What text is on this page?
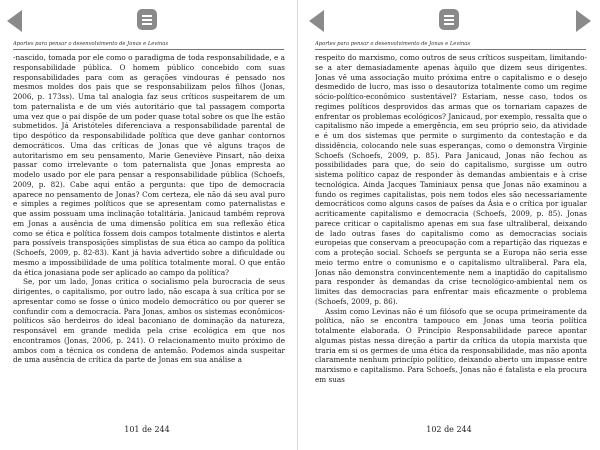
Aportes para pensar o desenvolvimento de Jonas e Levinas

-nascido, tomada por ele como o paradigma de toda responsabilidade, e a responsabilidade pública. O homem público concebido com suas responsabilidades para com as gerações vindouras é pensado nos mesmos moldes dos pais que se responsabilizam pelos filhos (Jonas, 2006, p. 173ss). Uma tal analogia faz seus críticos suspeitarem de um tom paternalista e de um viés autoritário que tal passagem comporta uma vez que o pai dispõe de um poder quase total sobre os que lhe estão submetidos. Já Aristóteles diferenciava a responsabilidade parental de tipo despótico da responsabilidade política que deve ganhar contornos democráticos. Uma das críticas de Jonas que vê alguns traços de autoritarismo em seu pensamento, Marie Geneviève Pinsart, não deixa passar como irrelevante o tom paternalista que Jonas empresta ao modelo usado por ele para pensar a responsabilidade pública (Schoefs, 2009, p. 82). Cabe aqui então a pergunta: que tipo de democracia aparece no pensamento de Jonas? Com certeza, ele não dá seu aval puro e simples a regimes políticos que se apresentam como paternalistas e que assim possuam uma inclinação totalitária. Janicaud também reprova em Jonas a ausência de uma dimensão política em sua reflexão ética como se ética e política fossem dois campos totalmente distintos e alerta para possíveis transposições simplistas de sua ética ao campo da política (Schoefs, 2009, p. 82-83). Kant já havia advertido sobre a dificuldade ou mesmo a impossibilidade de uma política totalmente moral. O que então da ética jonasiana pode ser aplicado ao campo da política?

Se, por um lado, Jonas critica o socialismo pela burocracia de seus dirigentes, o capitalismo, por outro lado, não escapa à sua crítica por se apresentar como se fosse o único modelo democrático ou por querer se confundir com a democracia. Para Jonas, ambos os sistemas econômicos-políticos são herdeiros do ideal baconiano de dominação da natureza, responsável em grande medida pela crise ecológica em que nos encontramos (Jonas, 2006, p. 241). O relacionamento muito próximo de ambos com a técnica os condena de antemão. Podemos ainda suspeitar de uma ausência de crítica da parte de Jonas em sua análise a

101 de 244
Aportes para pensar o desenvolvimento de Jonas e Levinas

respeito do marxismo, como outros de seus críticos suspeitam, limitando-se a ater demasiadamente apenas àquilo que dizem seus dirigentes. Jonas vê uma associação muito próxima entre o capitalismo e o desejo desmedido de lucro, mas isso o desautoriza totalmente como um regime sócio-político-econômico sustentável? Estariam, nesse caso, todos os regimes políticos desprovidos das armas que os tornariam capazes de enfrentar os problemas ecológicos? Janicaud, por exemplo, ressalta que o capitalismo não impede a emergência, em seu próprio seio, da atividade e é um dos sistemas que permite o surgimento da contestação e da dissidência, colocando nele suas esperanças, como o demonstra Virginie Schoefs (Schoefs, 2009, p. 85). Para Janicaud, Jonas não fechou as possibilidades para que, do seio do capitalismo, surgisse um outro sistema político capaz de responder às demandas ambientais e à crise tecnológica. Ainda Jacques Taminiaux pensa que Jonas não examinou a fundo os regimes capitalistas, pois nem todos eles são necessariamente democráticos como alguns casos de países da Ásia e o crítica por igualar acriticamente capitalismo e democracia (Schoefs, 2009, p. 85). Jonas parece criticar o capitalismo apenas em sua fase ultraliberal, deixando de lado outras fases do capitalismo como as democracias sociais europeias que conservam a preocupação com a repartição das riquezas e com a proteção social. Schoefs se pergunta se a Europa não seria esse meio termo entre o comunismo e o capitalismo ultraliberal. Para ela, Jonas não demonstra convincentemente nem a inaptidão do capitalismo para responder às demandas da crise tecnológico-ambiental nem os limites das democracias para enfrentar mais eficazmente o problema (Schoefs, 2009, p. 86).

Assim como Levinas não é um filósofo que se ocupa primeiramente da política, não se encontra tampouco em Jonas uma teoria política totalmente elaborada. O Princípio Responsabilidade parece apontar algumas pistas nessa direção a partir da crítica da utopia marxista que traria em si os germes de uma ética da responsabilidade, mas não aponta claramente nenhum princípio político, deixando aberto um impasse entre marxismo e capitalismo. Para Schoefs, Jonas não é fatalista e ela procura em suas

102 de 244
